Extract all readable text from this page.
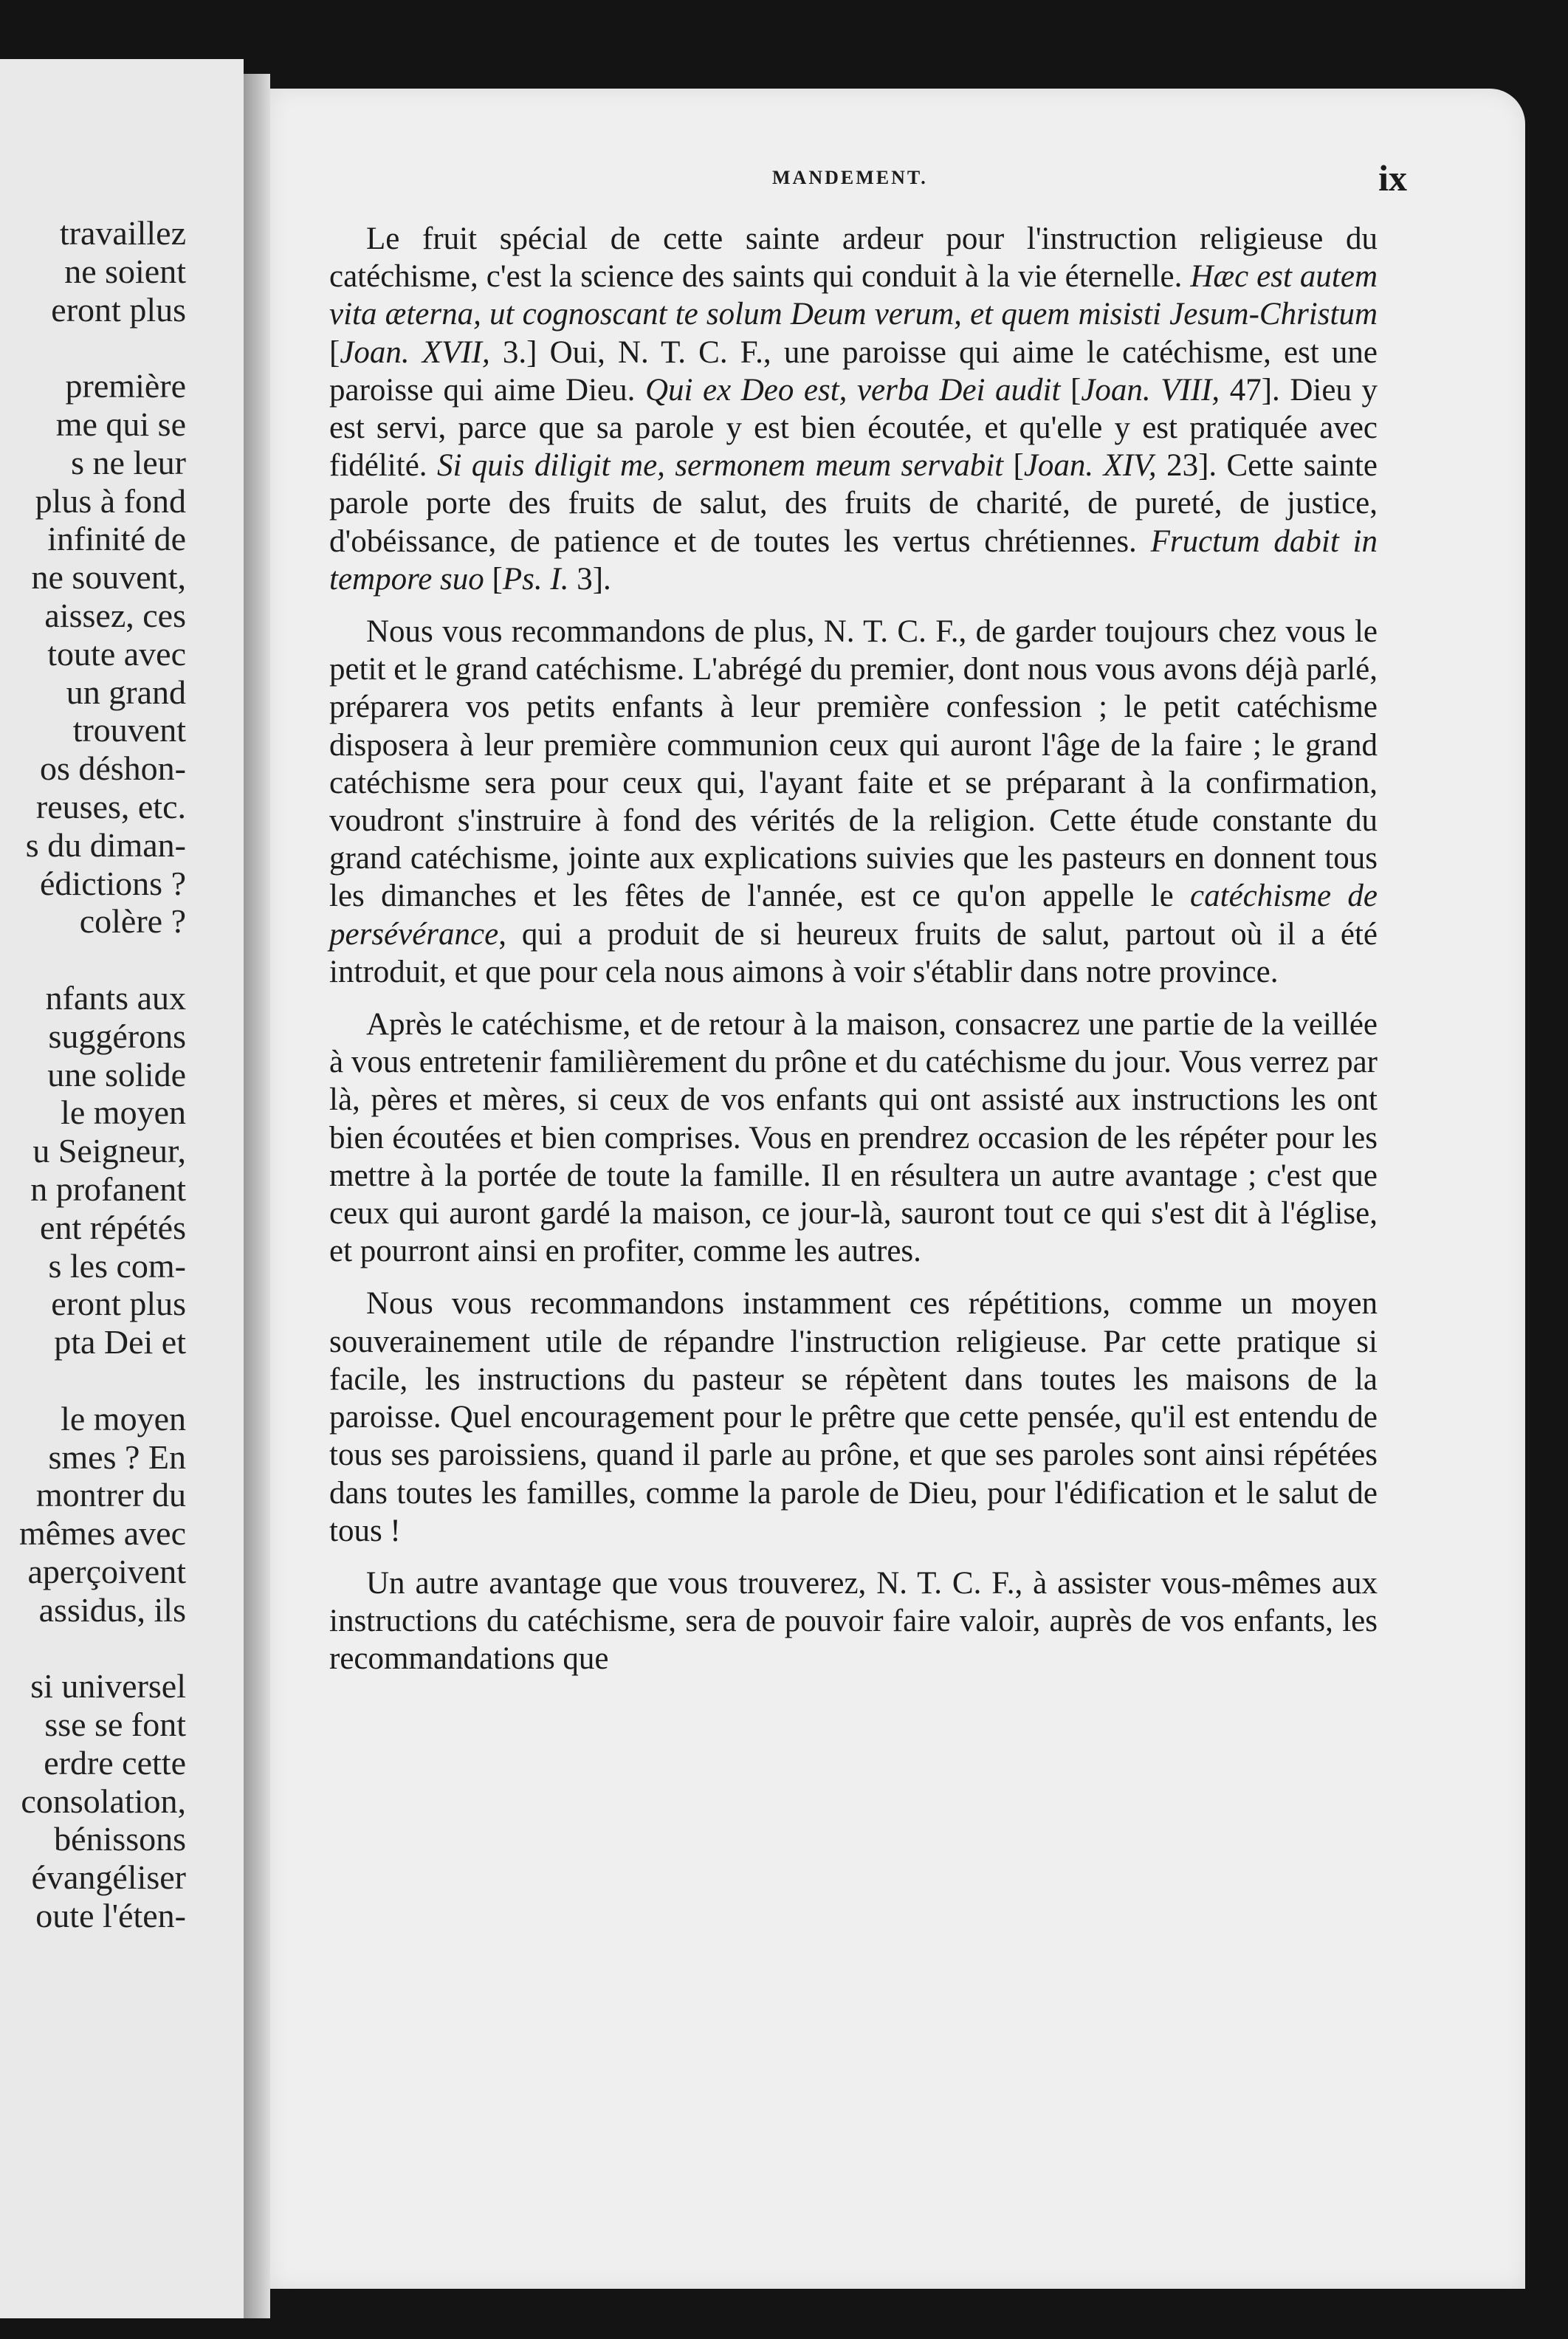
travaillez
ne soient
eront plus
première
me qui se
s ne leur
plus à fond
infinité de
ne souvent,
aissez, ces
toute avec
un grand
trouvent
os déshon-
reuses, etc.
s du diman-
édictions ?
colère ?
nfants aux
suggérons
une solide
le moyen
u Seigneur,
n profanent
ent répétés
s les com-
eront plus
pta Dei et
le moyen
smes ? En
montrer du
mêmes avec
aperçoivent
assidus, ils
si universel
sse se font
erdre cette
consolation,
bénissons
évangéliser
oute l'éten-
MANDEMENT.	ix

Le fruit spécial de cette sainte ardeur pour l'instruction religieuse du catéchisme, c'est la science des saints qui conduit à la vie éternelle. Hæc est autem vita æterna, ut cognoscant te solum Deum verum, et quem misisti Jesum-Christum [Joan. XVII, 3.] Oui, N. T. C. F., une paroisse qui aime le catéchisme, est une paroisse qui aime Dieu. Qui ex Deo est, verba Dei audit [Joan. VIII, 47]. Dieu y est servi, parce que sa parole y est bien écoutée, et qu'elle y est pratiquée avec fidélité. Si quis diligit me, sermonem meum servabit [Joan. XIV, 23]. Cette sainte parole porte des fruits de salut, des fruits de charité, de pureté, de justice, d'obéissance, de patience et de toutes les vertus chrétiennes. Fructum dabit in tempore suo [Ps. I. 3].

Nous vous recommandons de plus, N. T. C. F., de garder toujours chez vous le petit et le grand catéchisme. L'abrégé du premier, dont nous vous avons déjà parlé, préparera vos petits enfants à leur première confession ; le petit catéchisme disposera à leur première communion ceux qui auront l'âge de la faire ; le grand catéchisme sera pour ceux qui, l'ayant faite et se préparant à la confirmation, voudront s'instruire à fond des vérités de la religion. Cette étude constante du grand catéchisme, jointe aux explications suivies que les pasteurs en donnent tous les dimanches et les fêtes de l'année, est ce qu'on appelle le catéchisme de persévérance, qui a produit de si heureux fruits de salut, partout où il a été introduit, et que pour cela nous aimons à voir s'établir dans notre province.

Après le catéchisme, et de retour à la maison, consacrez une partie de la veillée à vous entretenir familièrement du prône et du catéchisme du jour. Vous verrez par là, pères et mères, si ceux de vos enfants qui ont assisté aux instructions les ont bien écoutées et bien comprises. Vous en prendrez occasion de les répéter pour les mettre à la portée de toute la famille. Il en résultera un autre avantage ; c'est que ceux qui auront gardé la maison, ce jour-là, sauront tout ce qui s'est dit à l'église, et pourront ainsi en profiter, comme les autres.

Nous vous recommandons instamment ces répétitions, comme un moyen souverainement utile de répandre l'instruction religieuse. Par cette pratique si facile, les instructions du pasteur se répètent dans toutes les maisons de la paroisse. Quel encouragement pour le prêtre que cette pensée, qu'il est entendu de tous ses paroissiens, quand il parle au prône, et que ses paroles sont ainsi répétées dans toutes les familles, comme la parole de Dieu, pour l'édification et le salut de tous !

Un autre avantage que vous trouverez, N. T. C. F., à assister vous-mêmes aux instructions du catéchisme, sera de pouvoir faire valoir, auprès de vos enfants, les recommandations que
